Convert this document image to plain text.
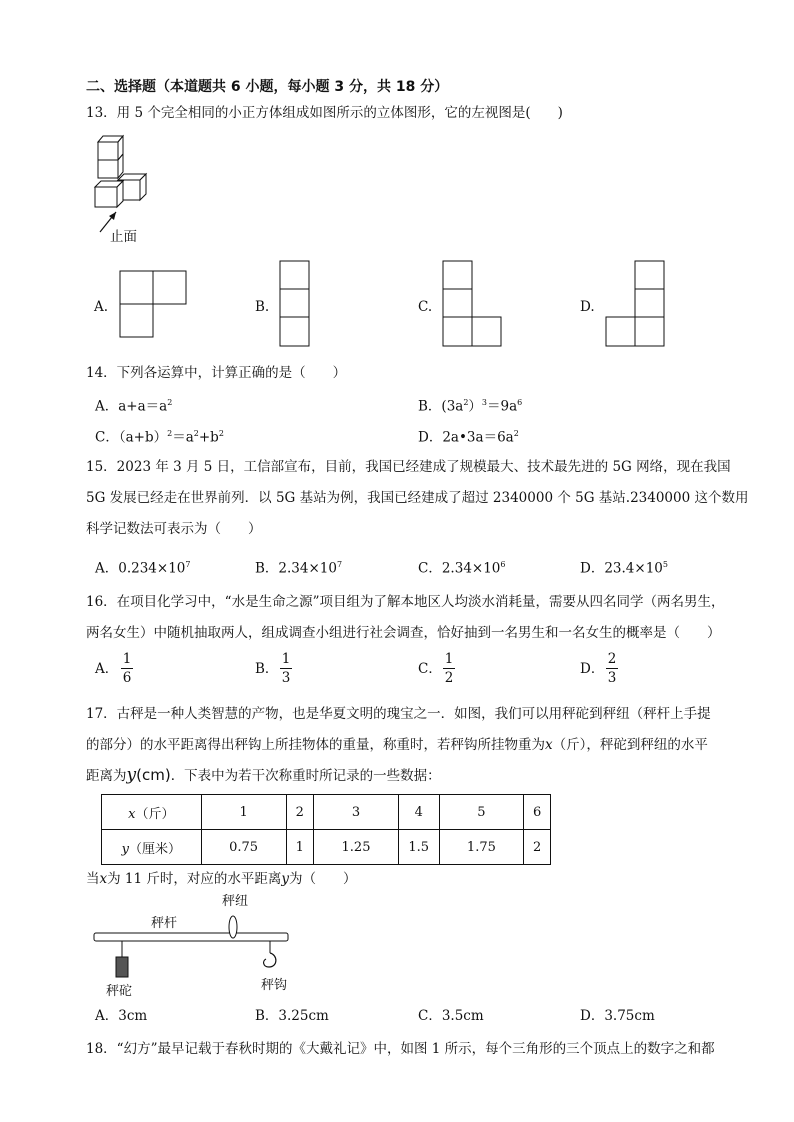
二、选择题（本道题共 6 小题，每小题 3 分，共 18 分）
13．用 5 个完全相同的小正方体组成如图所示的立体图形，它的左视图是(　　)
止面
A.	B.	C.	D.
14．下列各运算中，计算正确的是（　　）
A．$a+a=a^2$	B．$(3a^2)^3=9a^6$
C．$(a+b)^2=a^2+b^2$	D．$2a•3a=6a^2$
15．2023 年 3 月 5 日，工信部宣布，目前，我国已经建成了规模最大、技术最先进的 5G 网络，现在我国
5G 发展已经走在世界前列．以 5G 基站为例，我国已经建成了超过 2340000 个 5G 基站.2340000 这个数用
科学记数法可表示为（　　）
A．$0.234\times 10^7$	B．$2.34\times 10^7$	C．$2.34\times 10^6$	D．$23.4\times 10^5$
16．在项目化学习中，“水是生命之源”项目组为了解本地区人均淡水消耗量，需要从四名同学（两名男生，
两名女生）中随机抽取两人，组成调查小组进行社会调查，恰好抽到一名男生和一名女生的概率是（　　）
A．
1
6
B．
1
3
C．
1
2
D．
2
3
17．古秤是一种人类智慧的产物，也是华夏文明的瑰宝之一．如图，我们可以用秤砣到秤纽（秤杆上手提
的部分）的水平距离得出秤钩上所挂物体的重量，称重时，若秤钩所挂物重为x（斤），秤砣到秤纽的水平
距离为y(cm)．下表中为若干次称重时所记录的一些数据：
x（斤）	1	2	3	4	5	6
y（厘米）	0.75	1	1.25	1.5	1.75	2
当x为 11 斤时，对应的水平距离y为（　　）
秤纽
秤杆
秤砣	秤钩
A．3cm	B．3.25cm	C．3.5cm	D．3.75cm
18．“幻方”最早记载于春秋时期的《大戴礼记》中，如图 1 所示，每个三角形的三个顶点上的数字之和都
